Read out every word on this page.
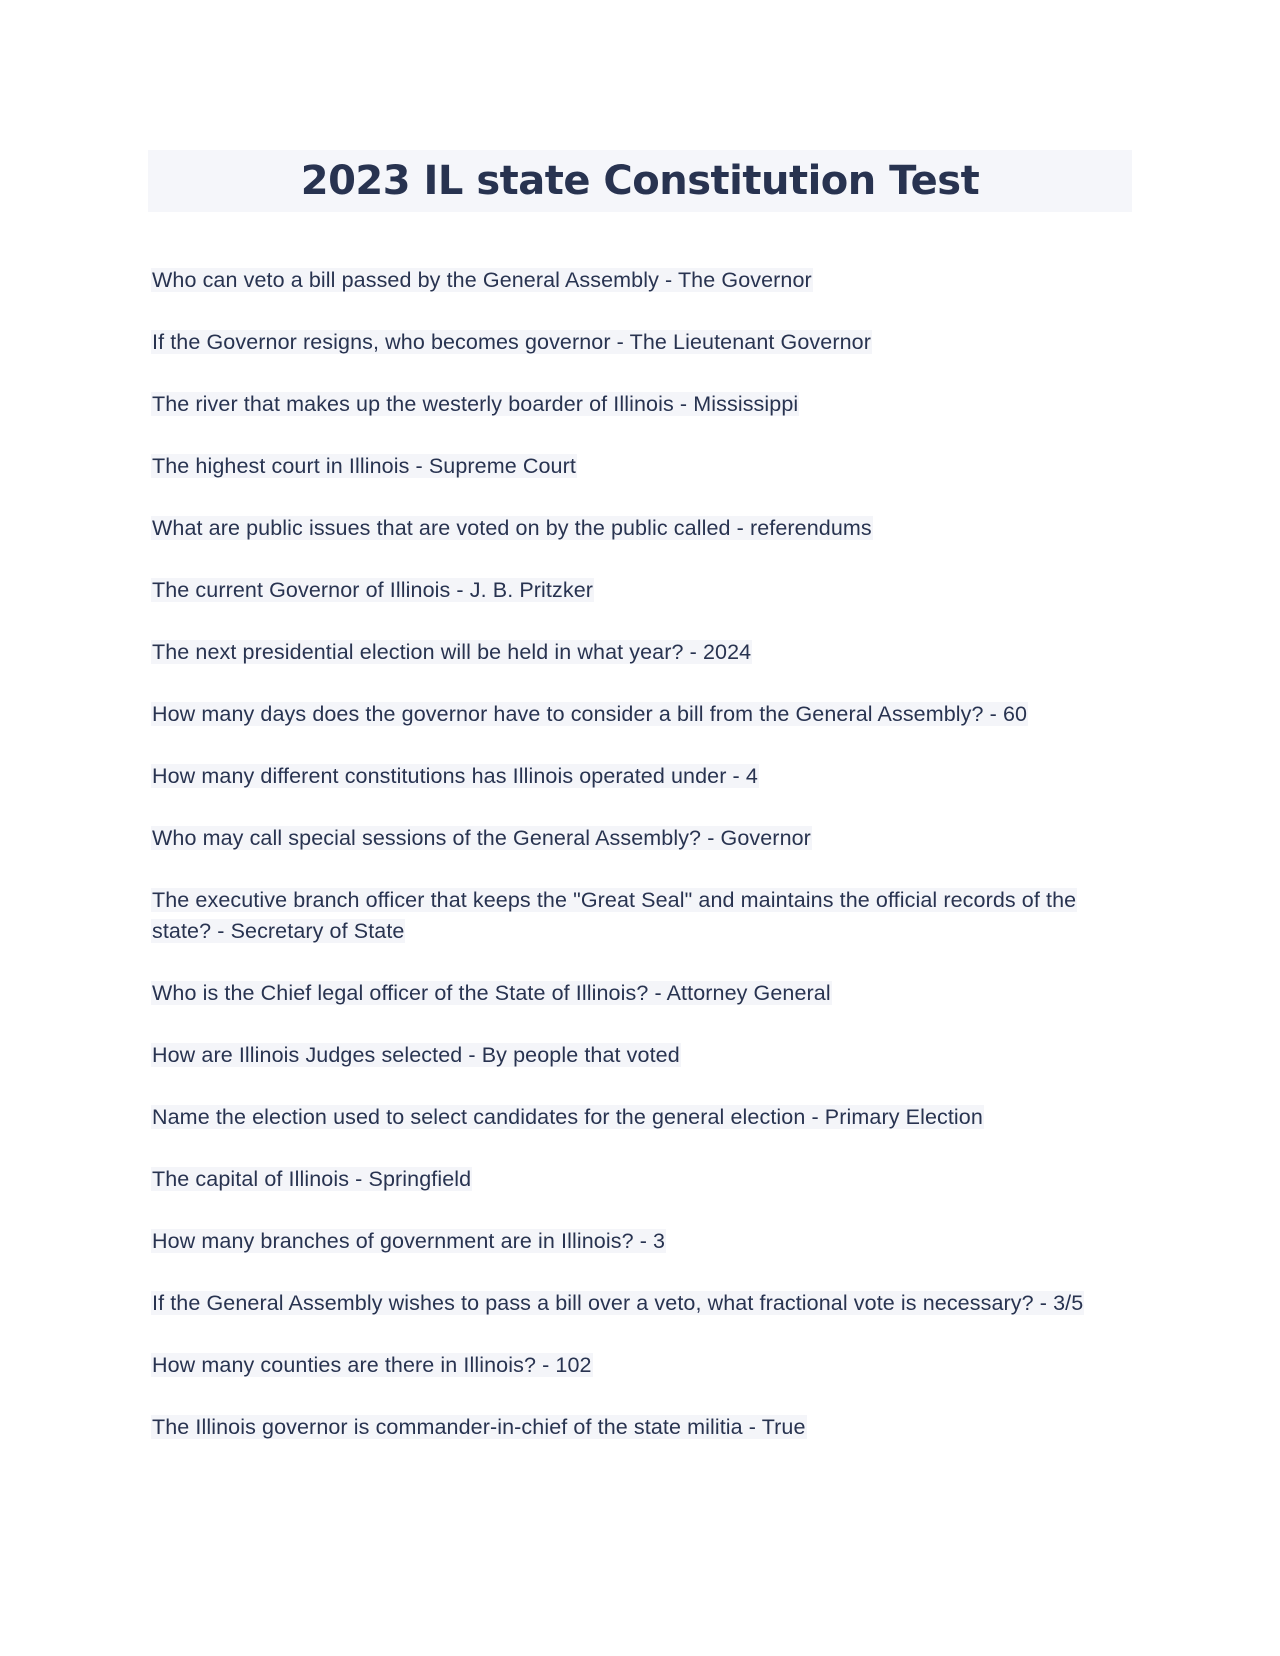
2023 IL state Constitution Test
Who can veto a bill passed by the General Assembly - The Governor
If the Governor resigns, who becomes governor - The Lieutenant Governor
The river that makes up the westerly boarder of Illinois - Mississippi
The highest court in Illinois - Supreme Court
What are public issues that are voted on by the public called - referendums
The current Governor of Illinois - J. B. Pritzker
The next presidential election will be held in what year? - 2024
How many days does the governor have to consider a bill from the General Assembly? - 60
How many different constitutions has Illinois operated under - 4
Who may call special sessions of the General Assembly? - Governor
The executive branch officer that keeps the "Great Seal" and maintains the official records of the state? - Secretary of State
Who is the Chief legal officer of the State of Illinois? - Attorney General
How are Illinois Judges selected - By people that voted
Name the election used to select candidates for the general election - Primary Election
The capital of Illinois - Springfield
How many branches of government are in Illinois? - 3
If the General Assembly wishes to pass a bill over a veto, what fractional vote is necessary? - 3/5
How many counties are there in Illinois? - 102
The Illinois governor is commander-in-chief of the state militia - True
